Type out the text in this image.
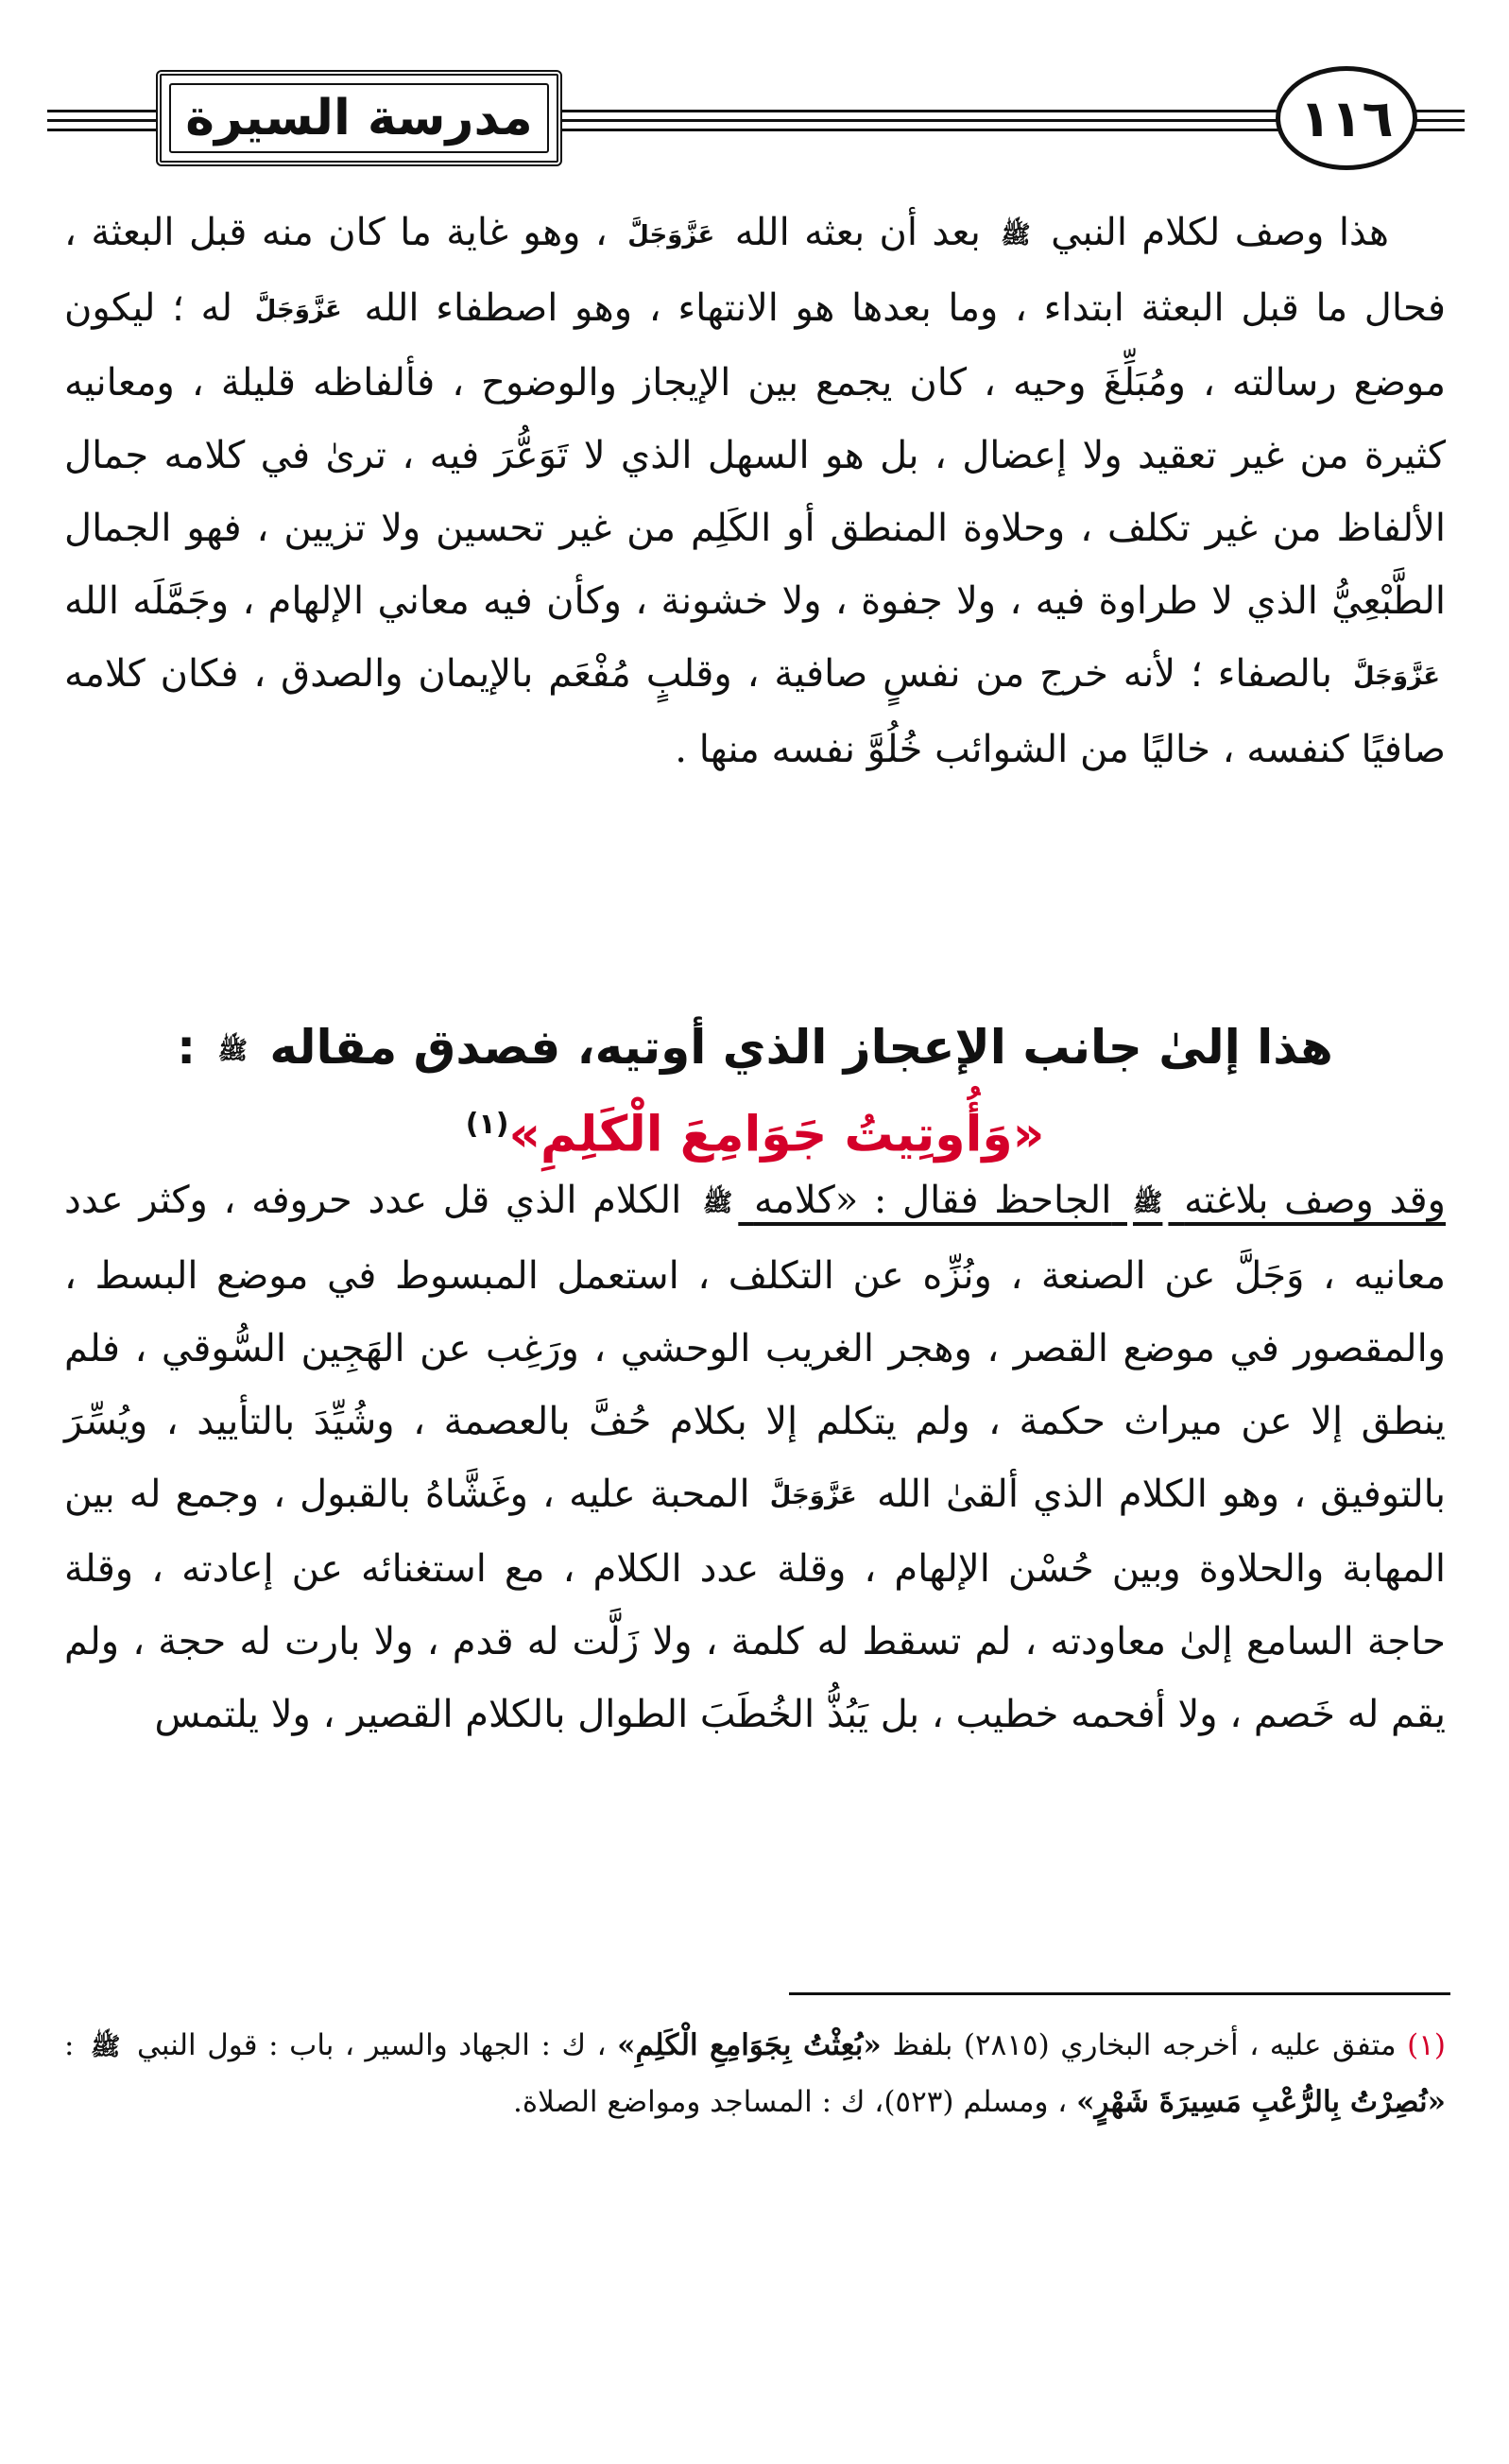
١١٦
مدرسة السيرة

هذا وصف لكلام النبي ﷺ بعد أن بعثه الله عَزَّوَجَلَّ ، وهو غاية ما كان منه قبل البعثة ، فحال ما قبل البعثة ابتداء ، وما بعدها هو الانتهاء ، وهو اصطفاء الله عَزَّوَجَلَّ له ؛ ليكون موضع رسالته ، ومُبَلِّغَ وحيه ، كان يجمع بين الإيجاز والوضوح ، فألفاظه قليلة ، ومعانيه كثيرة من غير تعقيد ولا إعضال ، بل هو السهل الذي لا تَوَعُّرَ فيه ، ترىٰ في كلامه جمال الألفاظ من غير تكلف ، وحلاوة المنطق أو الكَلِم من غير تحسين ولا تزيين ، فهو الجمال الطَّبْعِيُّ الذي لا طراوة فيه ، ولا جفوة ، ولا خشونة ، وكأن فيه معاني الإلهام ، وجَمَّلَه الله عَزَّوَجَلَّ بالصفاء ؛ لأنه خرج من نفسٍ صافية ، وقلبٍ مُفْعَم بالإيمان والصدق ، فكان كلامه صافيًا كنفسه ، خاليًا من الشوائب خُلُوَّ نفسه منها .

هذا إلىٰ جانب الإعجاز الذي أوتيه، فصدق مقاله ﷺ :
«وَأُوتِيتُ جَوَامِعَ الْكَلِمِ»$^{(١)}$

وقد وصف بلاغته ﷺ الجاحظ فقال : «كلامه ﷺ الكلام الذي قل عدد حروفه ، وكثر عدد معانيه ، وَجَلَّ عن الصنعة ، ونُزِّه عن التكلف ، استعمل المبسوط في موضع البسط ، والمقصور في موضع القصر ، وهجر الغريب الوحشي ، ورَغِب عن الهَجِين السُّوقي ، فلم ينطق إلا عن ميراث حكمة ، ولم يتكلم إلا بكلام حُفَّ بالعصمة ، وشُيِّدَ بالتأييد ، ويُسِّرَ بالتوفيق ، وهو الكلام الذي ألقىٰ الله عَزَّوَجَلَّ المحبة عليه ، وغَشَّاهُ بالقبول ، وجمع له بين المهابة والحلاوة وبين حُسْن الإلهام ، وقلة عدد الكلام ، مع استغنائه عن إعادته ، وقلة حاجة السامع إلىٰ معاودته ، لم تسقط له كلمة ، ولا زَلَّت له قدم ، ولا بارت له حجة ، ولم يقم له خَصم ، ولا أفحمه خطيب ، بل يَبُذُّ الخُطَبَ الطوال بالكلام القصير ، ولا يلتمس

(١) متفق عليه ، أخرجه البخاري (٢٨١٥) بلفظ «بُعِثْتُ بِجَوَامِعِ الْكَلِمِ» ، ك : الجهاد والسير ، باب : قول النبي ﷺ : «نُصِرْتُ بِالرُّعْبِ مَسِيرَةَ شَهْرٍ» ، ومسلم (٥٢٣)، ك : المساجد ومواضع الصلاة.
